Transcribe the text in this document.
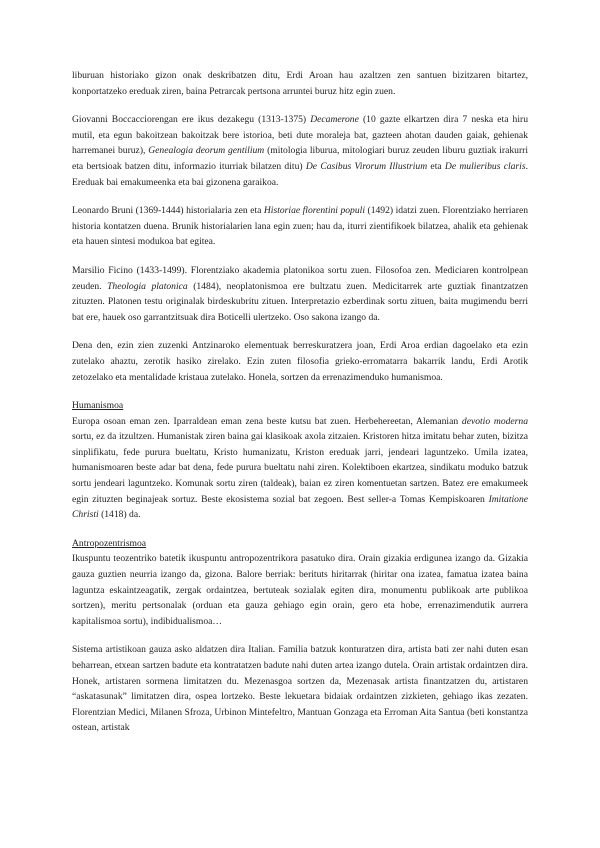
liburuan historiako gizon onak deskribatzen ditu, Erdi Aroan hau azaltzen zen santuen bizitzaren bitartez, konportatzeko ereduak ziren, baina Petrarcak pertsona arruntei buruz hitz egin zuen.

Giovanni Boccacciorengan ere ikus dezakegu (1313-1375) Decamerone (10 gazte elkartzen dira 7 neska eta hiru mutil, eta egun bakoitzean bakoitzak bere istorioa, beti dute moraleja bat, gazteen ahotan dauden gaiak, gehienak harremanei buruz), Genealogia deorum gentilium (mitologia liburua, mitologiari buruz zeuden liburu guztiak irakurri eta bertsioak batzen ditu, informazio iturriak bilatzen ditu) De Casibus Virorum Illustrium eta De mulieribus claris. Ereduak bai emakumeenka eta bai gizonena garaikoa.

Leonardo Bruni (1369-1444) historialaria zen eta Historiae florentini populi (1492) idatzi zuen. Florentziako herriaren historia kontatzen duena. Brunik historialarien lana egin zuen; hau da, iturri zientifikoek bilatzea, ahalik eta gehienak eta hauen sintesi modukoa bat egitea.

Marsilio Ficino (1433-1499). Florentziako akademia platonikoa sortu zuen. Filosofoa zen. Mediciaren kontrolpean zeuden. Theologia platonica (1484), neoplatonismoa ere bultzatu zuen. Medicitarrek arte guztiak finantzatzen zituzten. Platonen testu originalak birdeskubritu zituen. Interpretazio ezberdinak sortu zituen, baita mugimendu berri bat ere, hauek oso garrantzitsuak dira Boticelli ulertzeko. Oso sakona izango da.

Dena den, ezin zien zuzenki Antzinaroko elementuak berreskuratzera joan, Erdi Aroa erdian dagoelako eta ezin zutelako ahaztu, zerotik hasiko zirelako. Ezin zuten filosofia grieko-erromatarra bakarrik landu, Erdi Arotik zetozelako eta mentalidade kristaua zutelako. Honela, sortzen da errenazimenduko humanismoa.

Humanismoa

Europa osoan eman zen. Iparraldean eman zena beste kutsu bat zuen. Herbehereetan, Alemanian devotio moderna sortu, ez da itzultzen. Humanistak ziren baina gai klasikoak axola zitzaien. Kristoren hitza imitatu behar zuten, bizitza sinplifikatu, fede purura bueltatu, Kristo humanizatu, Kriston ereduak jarri, jendeari laguntzeko. Umila izatea, humanismoaren beste adar bat dena, fede purura bueltatu nahi ziren. Kolektiboen ekartzea, sindikatu moduko batzuk sortu jendeari laguntzeko. Komunak sortu ziren (taldeak), baian ez ziren komentuetan sartzen. Batez ere emakumeek egin zituzten beginajeak sortuz. Beste ekosistema sozial bat zegoen. Best seller-a Tomas Kempiskoaren Imitatione Christi (1418) da.

Antropozentrismoa

Ikuspuntu teozentriko batetik ikuspuntu antropozentrikora pasatuko dira. Orain gizakia erdigunea izango da. Gizakia gauza guztien neurria izango da, gizona. Balore berriak: berituts hiritarrak (hiritar ona izatea, famatua izatea baina laguntza eskaintzeagatik, zergak ordaintzea, bertuteak sozialak egiten dira, monumentu publikoak arte publikoa sortzen), meritu pertsonalak (orduan eta gauza gehiago egin orain, gero eta hobe, errenazimendutik aurrera kapitalismoa sortu), indibidualismoa…

Sistema artistikoan gauza asko aldatzen dira Italian. Familia batzuk konturatzen dira, artista bati zer nahi duten esan beharrean, etxean sartzen badute eta kontratatzen badute nahi duten artea izango dutela. Orain artistak ordaintzen dira. Honek, artistaren sormena limitatzen du. Mezenasgoa sortzen da, Mezenasak artista finantzatzen du, artistaren “askatasunak” limitatzen dira, ospea lortzeko. Beste lekuetara bidaiak ordaintzen zizkieten, gehiago ikas zezaten. Florentzian Medici, Milanen Sfroza, Urbinon Mintefeltro, Mantuan Gonzaga eta Erroman Aita Santua (beti konstantza ostean, artistak
